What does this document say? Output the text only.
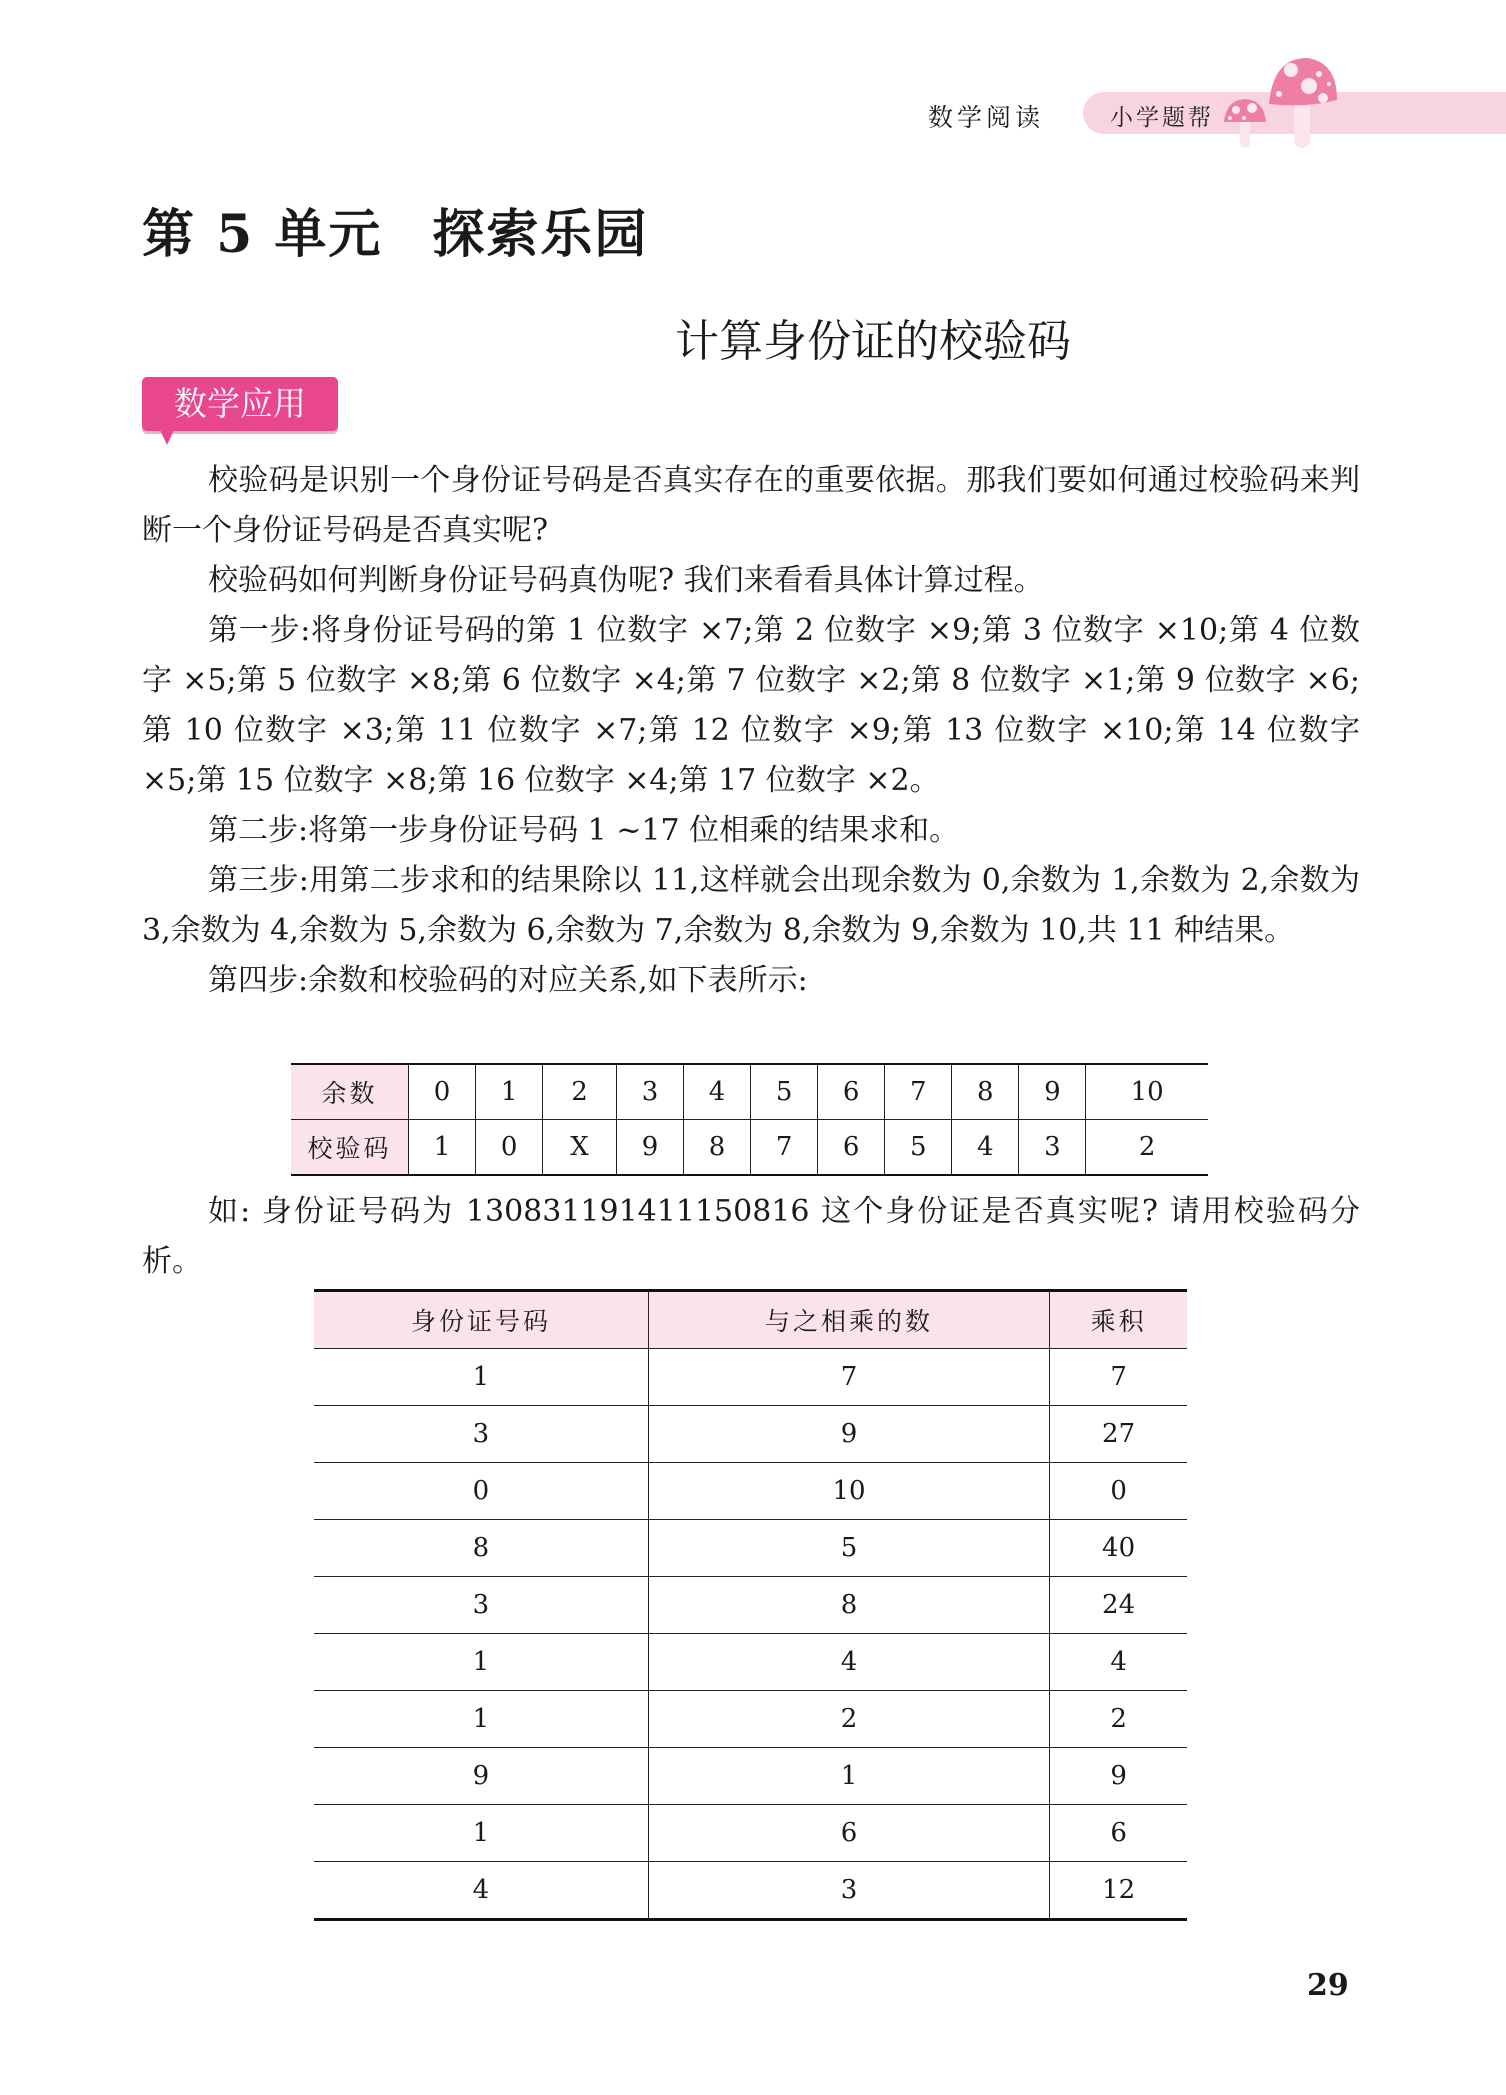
数学阅读	小学题帮
第 5 单元 探索乐园
计算身份证的校验码
数学应用

校验码是识别一个身份证号码是否真实存在的重要依据。那我们要如何通过校验码来判断一个身份证号码是否真实呢?

校验码如何判断身份证号码真伪呢? 我们来看看具体计算过程。

第一步:将身份证号码的第 1 位数字 ×7;第 2 位数字 ×9;第 3 位数字 ×10;第 4 位数字 ×5;第 5 位数字 ×8;第 6 位数字 ×4;第 7 位数字 ×2;第 8 位数字 ×1;第 9 位数字 ×6;第 10 位数字 ×3;第 11 位数字 ×7;第 12 位数字 ×9;第 13 位数字 ×10;第 14 位数字 ×5;第 15 位数字 ×8;第 16 位数字 ×4;第 17 位数字 ×2。

第二步:将第一步身份证号码 1 ~17 位相乘的结果求和。

第三步:用第二步求和的结果除以 11,这样就会出现余数为 0,余数为 1,余数为 2,余数为 3,余数为 4,余数为 5,余数为 6,余数为 7,余数为 8,余数为 9,余数为 10,共 11 种结果。

第四步:余数和校验码的对应关系,如下表所示:

余数	0	1	2	3	4	5	6	7	8	9	10
校验码	1	0	X	9	8	7	6	5	4	3	2

如: 身份证号码为 130831191411150816 这个身份证是否真实呢? 请用校验码分析。

身份证号码	与之相乘的数	乘积
1	7	7
3	9	27
0	10	0
8	5	40
3	8	24
1	4	4
1	2	2
9	1	9
1	6	6
4	3	12
29
